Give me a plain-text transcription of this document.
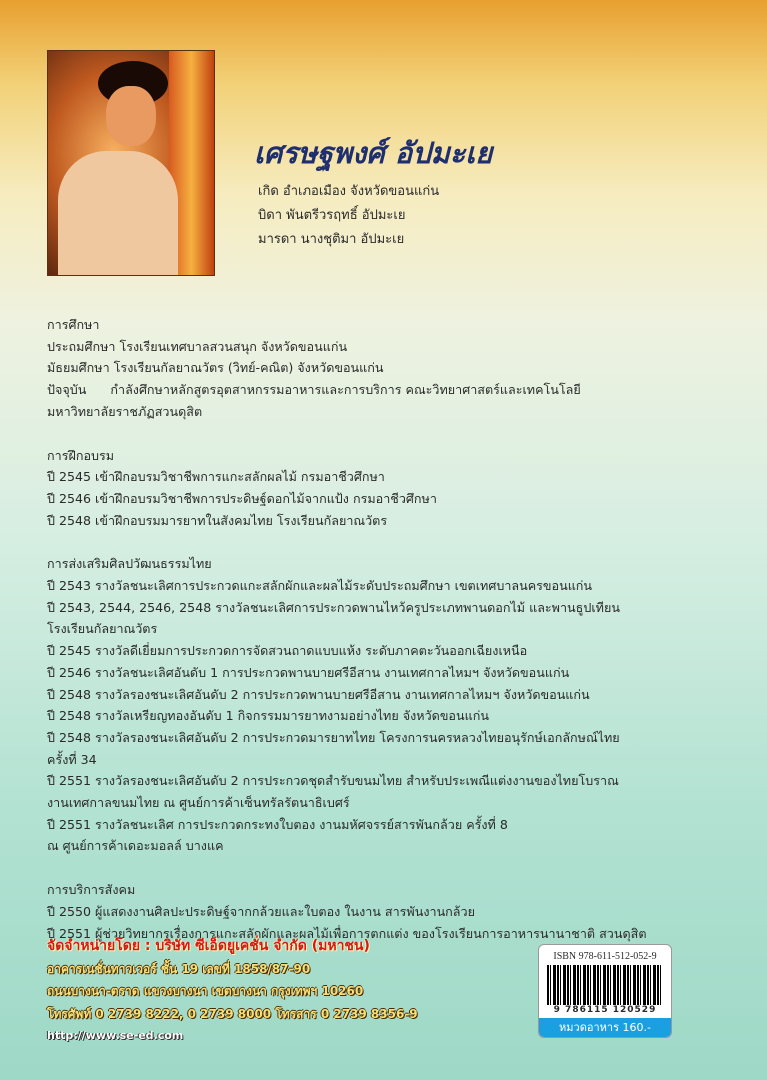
เศรษฐพงศ์ อัปมะเย
เกิด อำเภอเมือง จังหวัดขอนแก่น
บิดา พันตรีวรฤทธิ์ อัปมะเย
มารดา นางชุติมา อัปมะเย
การศึกษา
ประถมศึกษา โรงเรียนเทศบาลสวนสนุก จังหวัดขอนแก่น
มัธยมศึกษา โรงเรียนกัลยาณวัตร (วิทย์-คณิต) จังหวัดขอนแก่น
ปัจจุบัน      กำลังศึกษาหลักสูตรอุตสาหกรรมอาหารและการบริการ คณะวิทยาศาสตร์และเทคโนโลยี
มหาวิทยาลัยราชภัฏสวนดุสิต
การฝึกอบรม
ปี 2545 เข้าฝึกอบรมวิชาชีพการแกะสลักผลไม้ กรมอาชีวศึกษา
ปี 2546 เข้าฝึกอบรมวิชาชีพการประดิษฐ์ดอกไม้จากแป้ง กรมอาชีวศึกษา
ปี 2548 เข้าฝึกอบรมมารยาทในสังคมไทย โรงเรียนกัลยาณวัตร
การส่งเสริมศิลปวัฒนธรรมไทย
ปี 2543 รางวัลชนะเลิศการประกวดแกะสลักผักและผลไม้ระดับประถมศึกษา เขตเทศบาลนครขอนแก่น
ปี 2543, 2544, 2546, 2548 รางวัลชนะเลิศการประกวดพานไหว้ครูประเภทพานดอกไม้ และพานธูปเทียน
โรงเรียนกัลยาณวัตร
ปี 2545 รางวัลดีเยี่ยมการประกวดการจัดสวนถาดแบบแห้ง ระดับภาคตะวันออกเฉียงเหนือ
ปี 2546 รางวัลชนะเลิศอันดับ 1 การประกวดพานบายศรีอีสาน งานเทศกาลไหมฯ จังหวัดขอนแก่น
ปี 2548 รางวัลรองชนะเลิศอันดับ 2 การประกวดพานบายศรีอีสาน งานเทศกาลไหมฯ จังหวัดขอนแก่น
ปี 2548 รางวัลเหรียญทองอันดับ 1 กิจกรรมมารยาทงามอย่างไทย จังหวัดขอนแก่น
ปี 2548 รางวัลรองชนะเลิศอันดับ 2 การประกวดมารยาทไทย โครงการนครหลวงไทยอนุรักษ์เอกลักษณ์ไทย
ครั้งที่ 34
ปี 2551 รางวัลรองชนะเลิศอันดับ 2 การประกวดชุดสำรับขนมไทย สำหรับประเพณีแต่งงานของไทยโบราณ
งานเทศกาลขนมไทย ณ ศูนย์การค้าเซ็นทรัลรัตนาธิเบศร์
ปี 2551 รางวัลชนะเลิศ การประกวดกระทงใบตอง งานมหัศจรรย์สารพันกล้วย ครั้งที่ 8
ณ ศูนย์การค้าเดอะมอลล์ บางแค
การบริการสังคม
ปี 2550 ผู้แสดงงานศิลปะประดิษฐ์จากกล้วยและใบตอง ในงาน สารพันงานกล้วย
ปี 2551 ผู้ช่วยวิทยากรเรื่องการแกะสลักผักและผลไม้เพื่อการตกแต่ง ของโรงเรียนการอาหารนานาชาติ สวนดุสิต
จัดจำหน่ายโดย : บริษัท ซีเอ็ดยูเคชั่น จำกัด (มหาชน)
อาคารเนชั่นทาวเวอร์ ชั้น 19 เลขที่ 1858/87-90
ถนนบางนา-ตราด แขวงบางนา เขตบางนา กรุงเทพฯ 10260
โทรศัพท์ 0 2739 8222, 0 2739 8000 โทรสาร 0 2739 8356-9
http://www.se-ed.com
ISBN 978-611-512-052-9
9 786115 120529
หมวดอาหาร 160.-
